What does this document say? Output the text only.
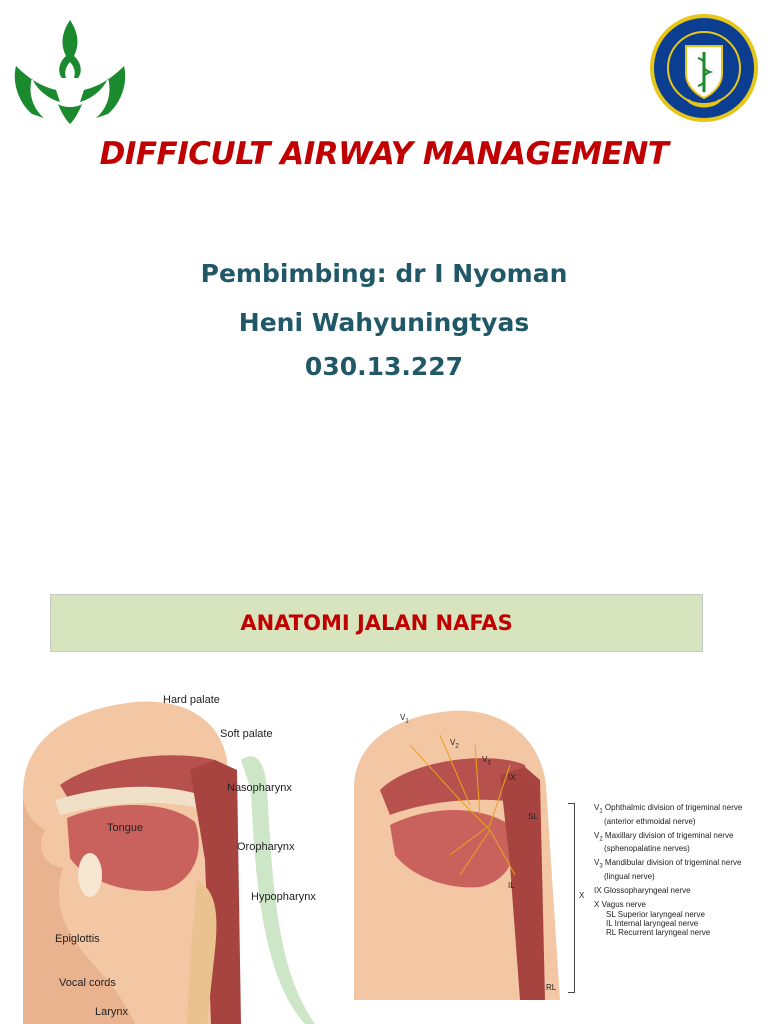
DIFFICULT AIRWAY MANAGEMENT
Pembimbing: dr I Nyoman
Heni Wahyuningtyas
030.13.227
ANATOMI JALAN NAFAS
Hard palate
Soft palate
Nasopharynx
Tongue
Oropharynx
Hypopharynx
Epiglottis
Vocal cords
Larynx
$V_1$
$V_2$
$V_3$
IX
SL
IL
RL
X
$V_1$ Ophthalmic division of trigeminal nerve
(anterior ethmoidal nerve)
$V_2$ Maxillary division of trigeminal nerve
(sphenopalatine nerves)
$V_3$ Mandibular division of trigeminal nerve
(lingual nerve)
IX Glossopharyngeal nerve
X Vagus nerve
SL Superior laryngeal nerve
IL Internal laryngeal nerve
RL Recurrent laryngeal nerve
